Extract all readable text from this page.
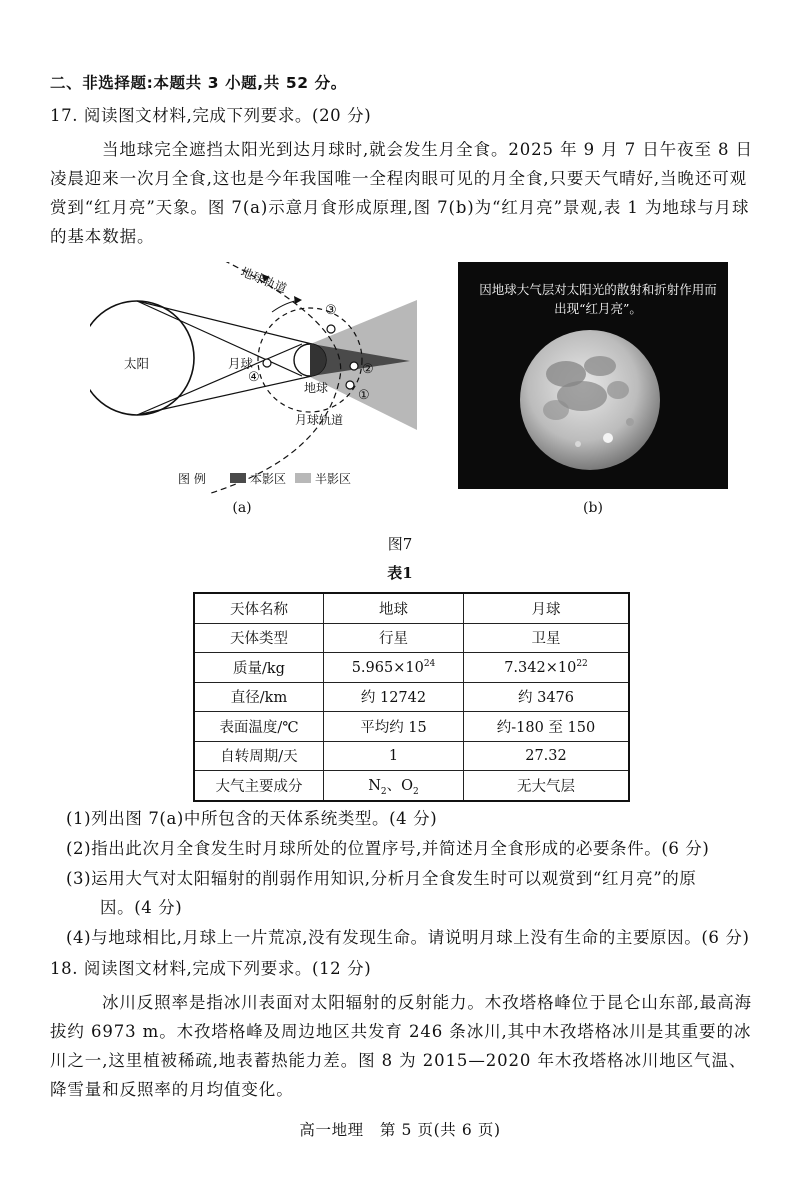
二、非选择题:本题共 3 小题,共 52 分。
17. 阅读图文材料,完成下列要求。(20 分)
当地球完全遮挡太阳光到达月球时,就会发生月全食。2025 年 9 月 7 日午夜至 8 日凌晨迎来一次月全食,这也是今年我国唯一全程肉眼可见的月全食,只要天气晴好,当晚还可观赏到“红月亮”天象。图 7(a)示意月食形成原理,图 7(b)为“红月亮”景观,表 1 为地球与月球的基本数据。
太阳	月球
地球
地球轨道
月球轨道
③
②
①
④
图 例	本影区 半影区
因地球大气层对太阳光的散射和折射作用而出现“红月亮”。
(a)	(b)
图7
表1
天体名称	地球	月球
天体类型	行星	卫星
质量/kg	$5.965\times 10^{24}$	$7.342\times 10^{22}$
直径/km	约 12742	约 3476
表面温度/℃	平均约 15	约-180 至 150
自转周期/天	1	27.32
大气主要成分	$N_2$、$O_2$	无大气层
(1)列出图 7(a)中所包含的天体系统类型。(4 分)
(2)指出此次月全食发生时月球所处的位置序号,并简述月全食形成的必要条件。(6 分)
(3)运用大气对太阳辐射的削弱作用知识,分析月全食发生时可以观赏到“红月亮”的原
因。(4 分)
(4)与地球相比,月球上一片荒凉,没有发现生命。请说明月球上没有生命的主要原因。(6 分)
18. 阅读图文材料,完成下列要求。(12 分)
冰川反照率是指冰川表面对太阳辐射的反射能力。木孜塔格峰位于昆仑山东部,最高海拔约 6973 m。木孜塔格峰及周边地区共发育 246 条冰川,其中木孜塔格冰川是其重要的冰川之一,这里植被稀疏,地表蓄热能力差。图 8 为 2015—2020 年木孜塔格冰川地区气温、降雪量和反照率的月均值变化。
高一地理　第 5 页(共 6 页)
